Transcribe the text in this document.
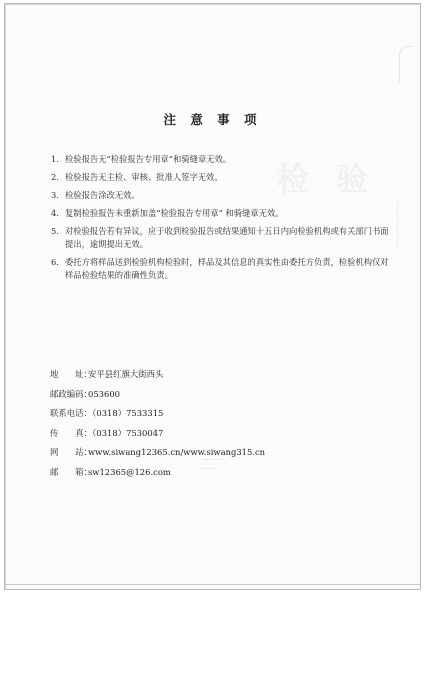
检 验
注 意 事 项
1. 检验报告无“检验报告专用章”和骑缝章无效。
2. 检验报告无主检、审核、批准人签字无效。
3. 检验报告涂改无效。
4. 复制检验报告未重新加盖“检验报告专用章” 和骑缝章无效。
5. 对检验报告若有异议，应于收到检验报告或结果通知十五日内向检验机构或有关部门书面提出，逾期提出无效。
6. 委托方将样品送到检验机构检验时，样品及其信息的真实性由委托方负责，检验机构仅对样品检验结果的准确性负责。
地　　址：
安平县红旗大街西头
邮政编码：
053600
联系电话：
（0318）7533315
传　　真：
（0318）7530047
网　　站：
www.siwang12365.cn/www.siwang315.cn
邮　　箱：
sw12365@126.com
